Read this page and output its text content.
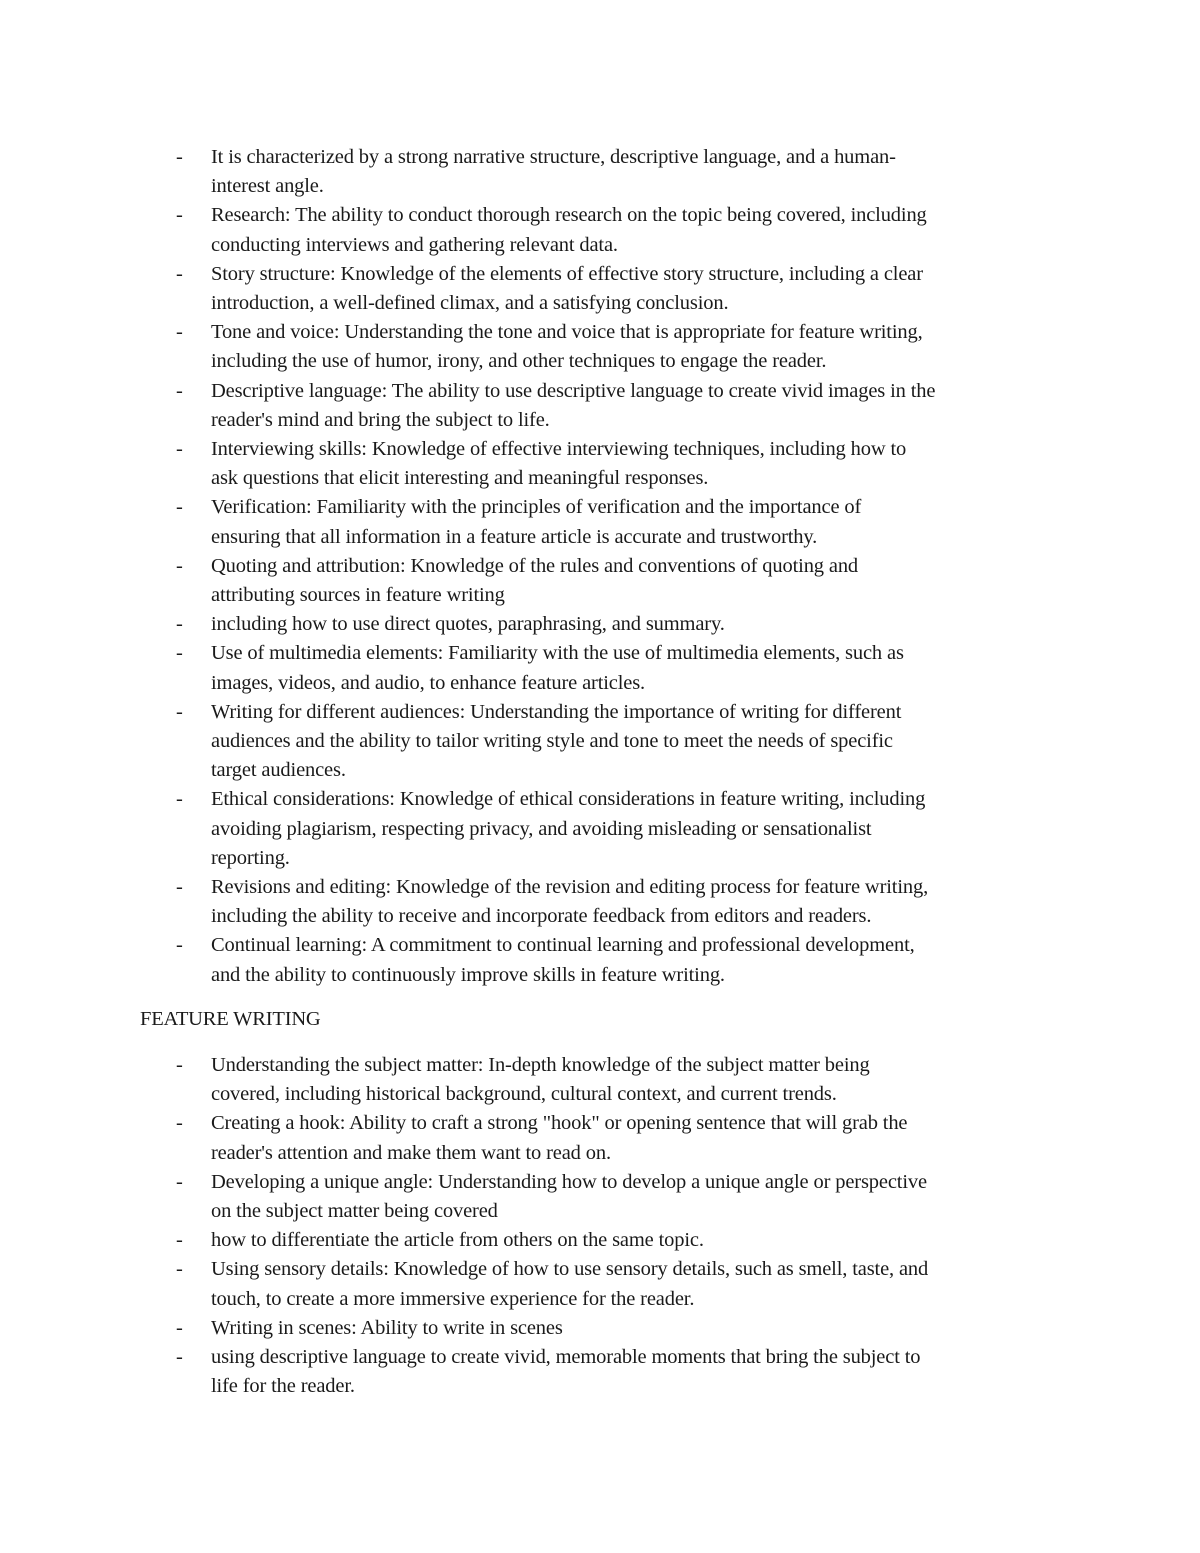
-	It is characterized by a strong narrative structure, descriptive language, and a human-
interest angle.
-	Research: The ability to conduct thorough research on the topic being covered, including
conducting interviews and gathering relevant data.
-	Story structure: Knowledge of the elements of effective story structure, including a clear
introduction, a well-defined climax, and a satisfying conclusion.
-	Tone and voice: Understanding the tone and voice that is appropriate for feature writing,
including the use of humor, irony, and other techniques to engage the reader.
-	Descriptive language: The ability to use descriptive language to create vivid images in the
reader's mind and bring the subject to life.
-	Interviewing skills: Knowledge of effective interviewing techniques, including how to
ask questions that elicit interesting and meaningful responses.
-	Verification: Familiarity with the principles of verification and the importance of
ensuring that all information in a feature article is accurate and trustworthy.
-	Quoting and attribution: Knowledge of the rules and conventions of quoting and
attributing sources in feature writing
-	including how to use direct quotes, paraphrasing, and summary.
-	Use of multimedia elements: Familiarity with the use of multimedia elements, such as
images, videos, and audio, to enhance feature articles.
-	Writing for different audiences: Understanding the importance of writing for different
audiences and the ability to tailor writing style and tone to meet the needs of specific
target audiences.
-	Ethical considerations: Knowledge of ethical considerations in feature writing, including
avoiding plagiarism, respecting privacy, and avoiding misleading or sensationalist
reporting.
-	Revisions and editing: Knowledge of the revision and editing process for feature writing,
including the ability to receive and incorporate feedback from editors and readers.
-	Continual learning: A commitment to continual learning and professional development,
and the ability to continuously improve skills in feature writing.
FEATURE WRITING
-	Understanding the subject matter: In-depth knowledge of the subject matter being
covered, including historical background, cultural context, and current trends.
-	Creating a hook: Ability to craft a strong "hook" or opening sentence that will grab the
reader's attention and make them want to read on.
-	Developing a unique angle: Understanding how to develop a unique angle or perspective
on the subject matter being covered
-	how to differentiate the article from others on the same topic.
-	Using sensory details: Knowledge of how to use sensory details, such as smell, taste, and
touch, to create a more immersive experience for the reader.
-	Writing in scenes: Ability to write in scenes
-	using descriptive language to create vivid, memorable moments that bring the subject to
life for the reader.
